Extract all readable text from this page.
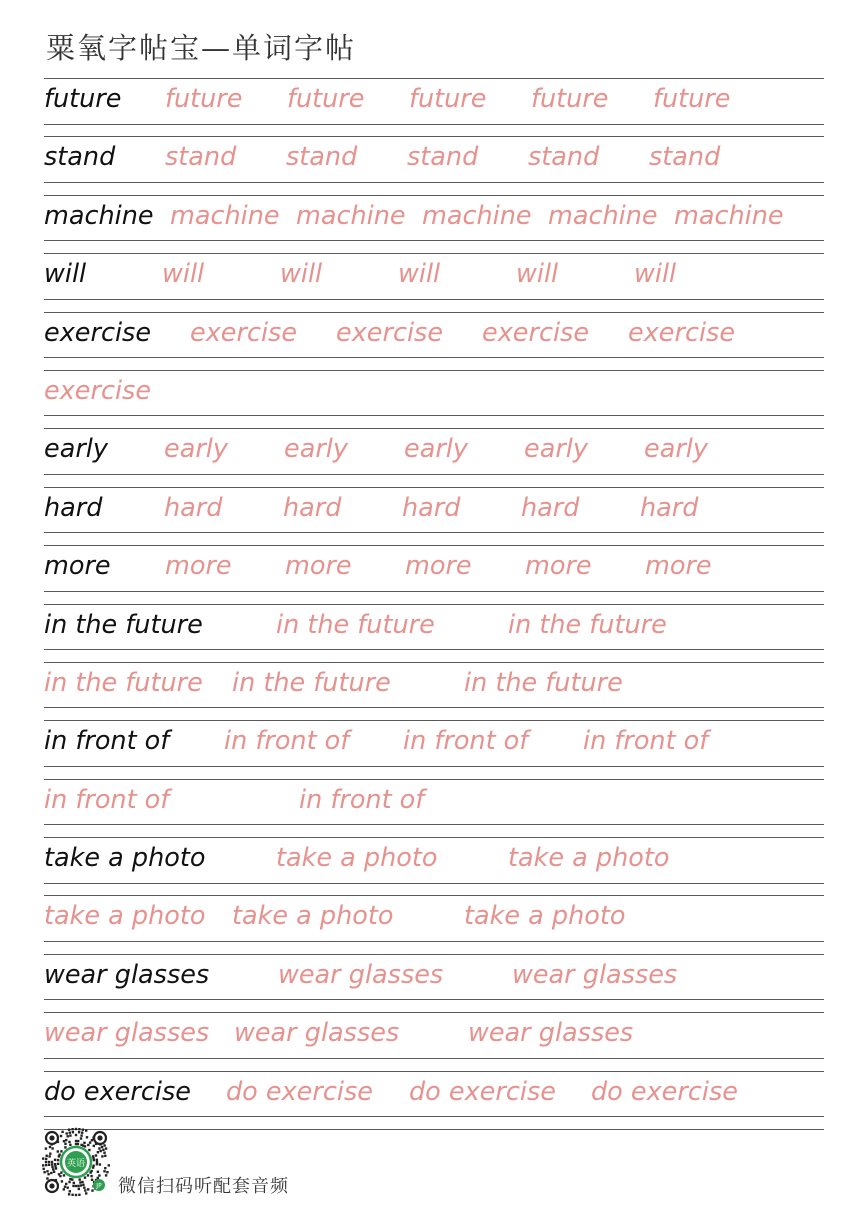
粟氧字帖宝—单词字帖
future future future future future future
stand stand stand stand stand stand
machine machine machine machine machine machine
will	will	will	will	will	will
exercise exercise exercise exercise exercise
exercise
early early early early early early
hard hard hard hard hard hard
more more more more more more
in the future	in the future	in the future
in the future in the future	in the future
in front of in front of in front of in front of
in front of	in front of
take a photo	take a photo	take a photo
take a photo take a photo	take a photo
wear glasses	wear glasses	wear glasses
wear glasses wear glasses	wear glasses
do exercise do exercise do exercise do exercise
英语
JP 微信扫码听配套音频
